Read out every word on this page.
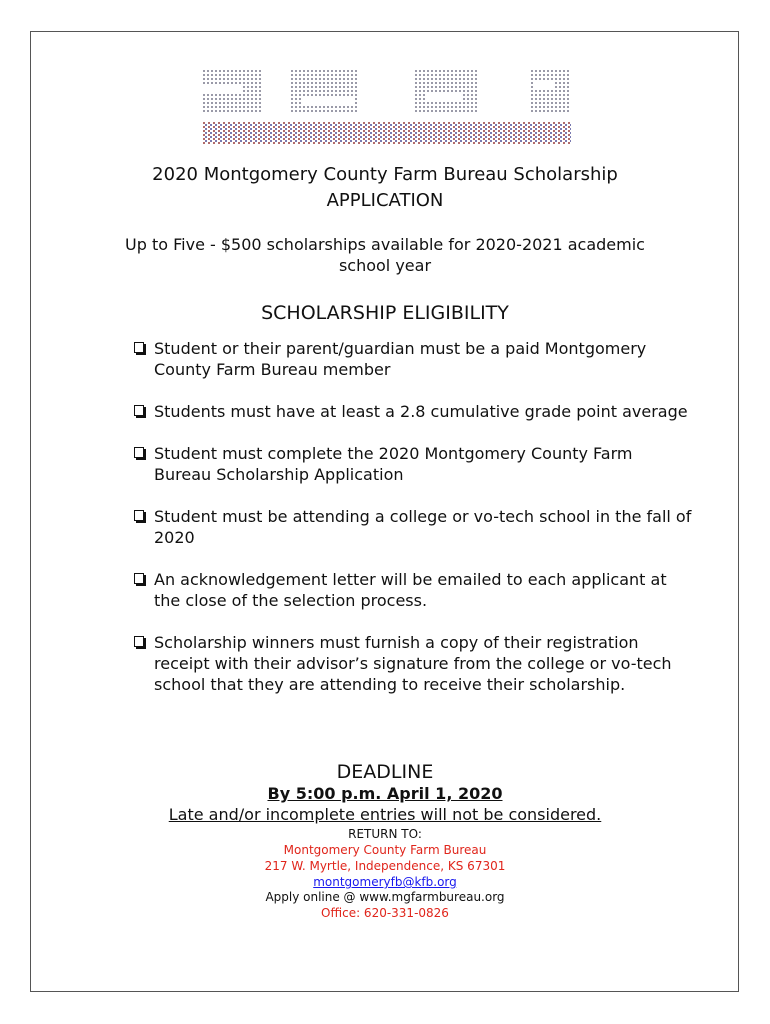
2020 Montgomery County Farm Bureau Scholarship
APPLICATION
Up to Five - $500 scholarships available for 2020-2021 academic
school year
SCHOLARSHIP ELIGIBILITY
Student or their parent/guardian must be a paid Montgomery County Farm Bureau member
Students must have at least a 2.8 cumulative grade point average
Student must complete the 2020 Montgomery County Farm Bureau Scholarship Application
Student must be attending a college or vo-tech school in the fall of 2020
An acknowledgement letter will be emailed to each applicant at the close of the selection process.
Scholarship winners must furnish a copy of their registration receipt with their advisor’s signature from the college or vo-tech school that they are attending to receive their scholarship.
DEADLINE
By 5:00 p.m. April 1, 2020
Late and/or incomplete entries will not be considered.
RETURN TO:
Montgomery County Farm Bureau
217 W. Myrtle, Independence, KS 67301
montgomeryfb@kfb.org
Apply online @ www.mgfarmbureau.org
Office: 620-331-0826
